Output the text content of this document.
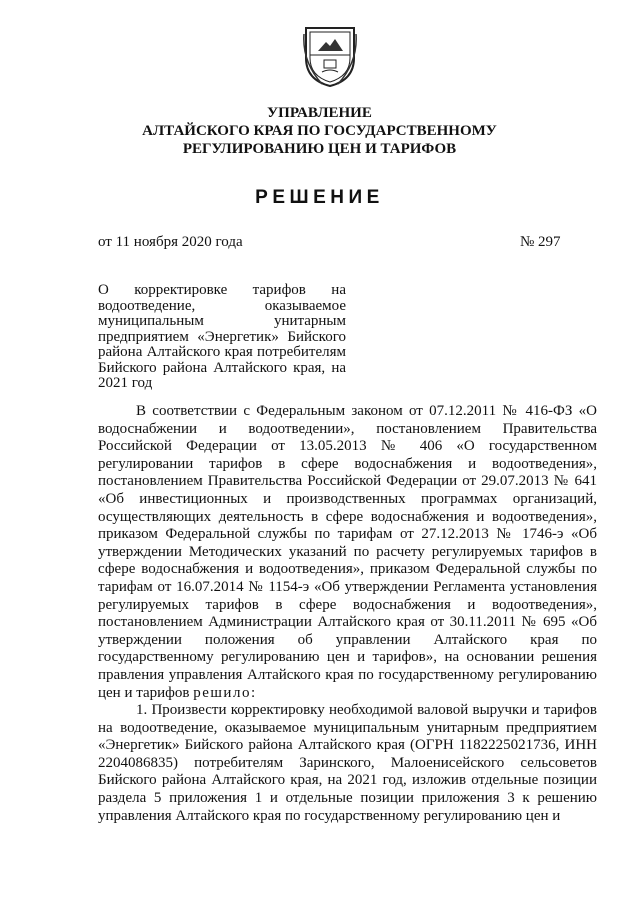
УПРАВЛЕНИЕ
АЛТАЙСКОГО КРАЯ ПО ГОСУДАРСТВЕННОМУ
РЕГУЛИРОВАНИЮ ЦЕН И ТАРИФОВ
РЕШЕНИЕ
от 11 ноября 2020 года	№ 297
О корректировке тарифов на водоотведение, оказываемое муниципальным унитарным предприятием «Энергетик» Бийского района Алтайского края потребителям Бийского района Алтайского края, на 2021 год

В соответствии с Федеральным законом от 07.12.2011 № 416-ФЗ «О водоснабжении и водоотведении», постановлением Правительства Российской Федерации от 13.05.2013 № 406 «О государственном регулировании тарифов в сфере водоснабжения и водоотведения», постановлением Правительства Российской Федерации от 29.07.2013 № 641 «Об инвестиционных и производственных программах организаций, осуществляющих деятельность в сфере водоснабжения и водоотведения», приказом Федеральной службы по тарифам от 27.12.2013 № 1746-э «Об утверждении Методических указаний по расчету регулируемых тарифов в сфере водоснабжения и водоотведения», приказом Федеральной службы по тарифам от 16.07.2014 № 1154-э «Об утверждении Регламента установления регулируемых тарифов в сфере водоснабжения и водоотведения», постановлением Администрации Алтайского края от 30.11.2011 № 695 «Об утверждении положения об управлении Алтайского края по государственному регулированию цен и тарифов», на основании решения правления управления Алтайского края по государственному регулированию цен и тарифов решило:

1. Произвести корректировку необходимой валовой выручки и тарифов на водоотведение, оказываемое муниципальным унитарным предприятием «Энергетик» Бийского района Алтайского края (ОГРН 1182225021736, ИНН 2204086835) потребителям Заринского, Малоенисейского сельсоветов Бийского района Алтайского края, на 2021 год, изложив отдельные позиции раздела 5 приложения 1 и отдельные позиции приложения 3 к решению управления Алтайского края по государственному регулированию цен и
